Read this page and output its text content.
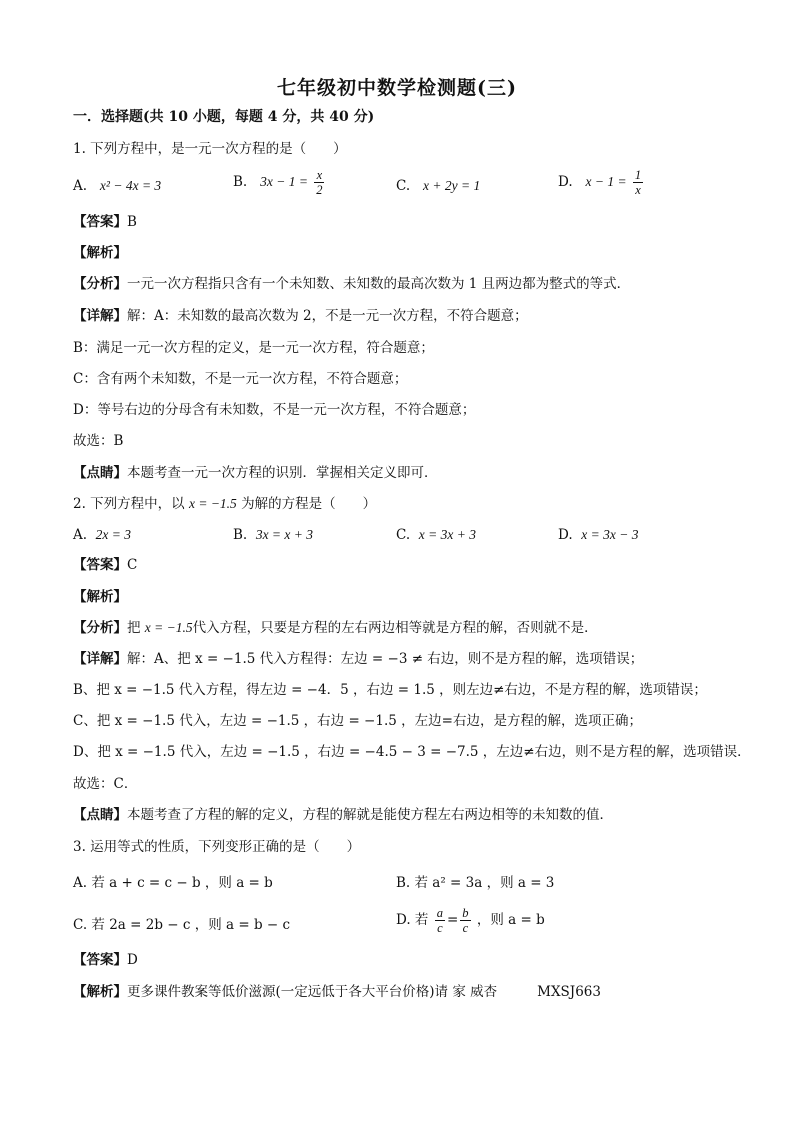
七年级初中数学检测题(三)
一．选择题(共 10 小题，每题 4 分，共 40 分)
1. 下列方程中，是一元一次方程的是（　　）
A. x² − 4x = 3	B. $3x - 1 = \frac{x}{2}$	C. x + 2y = 1	D. $x - 1 = \frac{1}{x}$
【答案】B
【解析】
【分析】一元一次方程指只含有一个未知数、未知数的最高次数为 1 且两边都为整式的等式．
【详解】解：A：未知数的最高次数为 2，不是一元一次方程，不符合题意；
B：满足一元一次方程的定义，是一元一次方程，符合题意；
C：含有两个未知数，不是一元一次方程，不符合题意；
D：等号右边的分母含有未知数，不是一元一次方程，不符合题意；
故选：B
【点睛】本题考查一元一次方程的识别．掌握相关定义即可．
2. 下列方程中，以 x = −1.5 为解的方程是（　　）
A. 2x = 3	B. 3x = x + 3	C. x = 3x + 3	D. x = 3x − 3
【答案】C
【解析】
【分析】把 x = −1.5代入方程，只要是方程的左右两边相等就是方程的解，否则就不是．
【详解】解：A、把 x = −1.5 代入方程得：左边 = −3 ≠ 右边，则不是方程的解，选项错误；
B、把 x = −1.5 代入方程，得左边 = −4．5 ，右边 = 1.5 ，则左边≠右边，不是方程的解，选项错误；
C、把 x = −1.5 代入，左边 = −1.5 ，右边 = −1.5 ，左边=右边，是方程的解，选项正确；
D、把 x = −1.5 代入，左边 = −1.5 ，右边 = −4.5 − 3 = −7.5 ，左边≠右边，则不是方程的解，选项错误．
故选：C．
【点睛】本题考查了方程的解的定义，方程的解就是能使方程左右两边相等的未知数的值．
3. 运用等式的性质，下列变形正确的是（　　）
A. 若 a + c = c − b ，则 a = b	B. 若 a² = 3a ，则 a = 3
C. 若 2a = 2b − c ，则 a = b − c	D. 若 $\frac{a}{c} = \frac{b}{c}$ ，则 a = b
【答案】D
【解析】更多课件教案等低价滋源(一定远低于各大平台价格)请 家 威杏	MXSJ663
